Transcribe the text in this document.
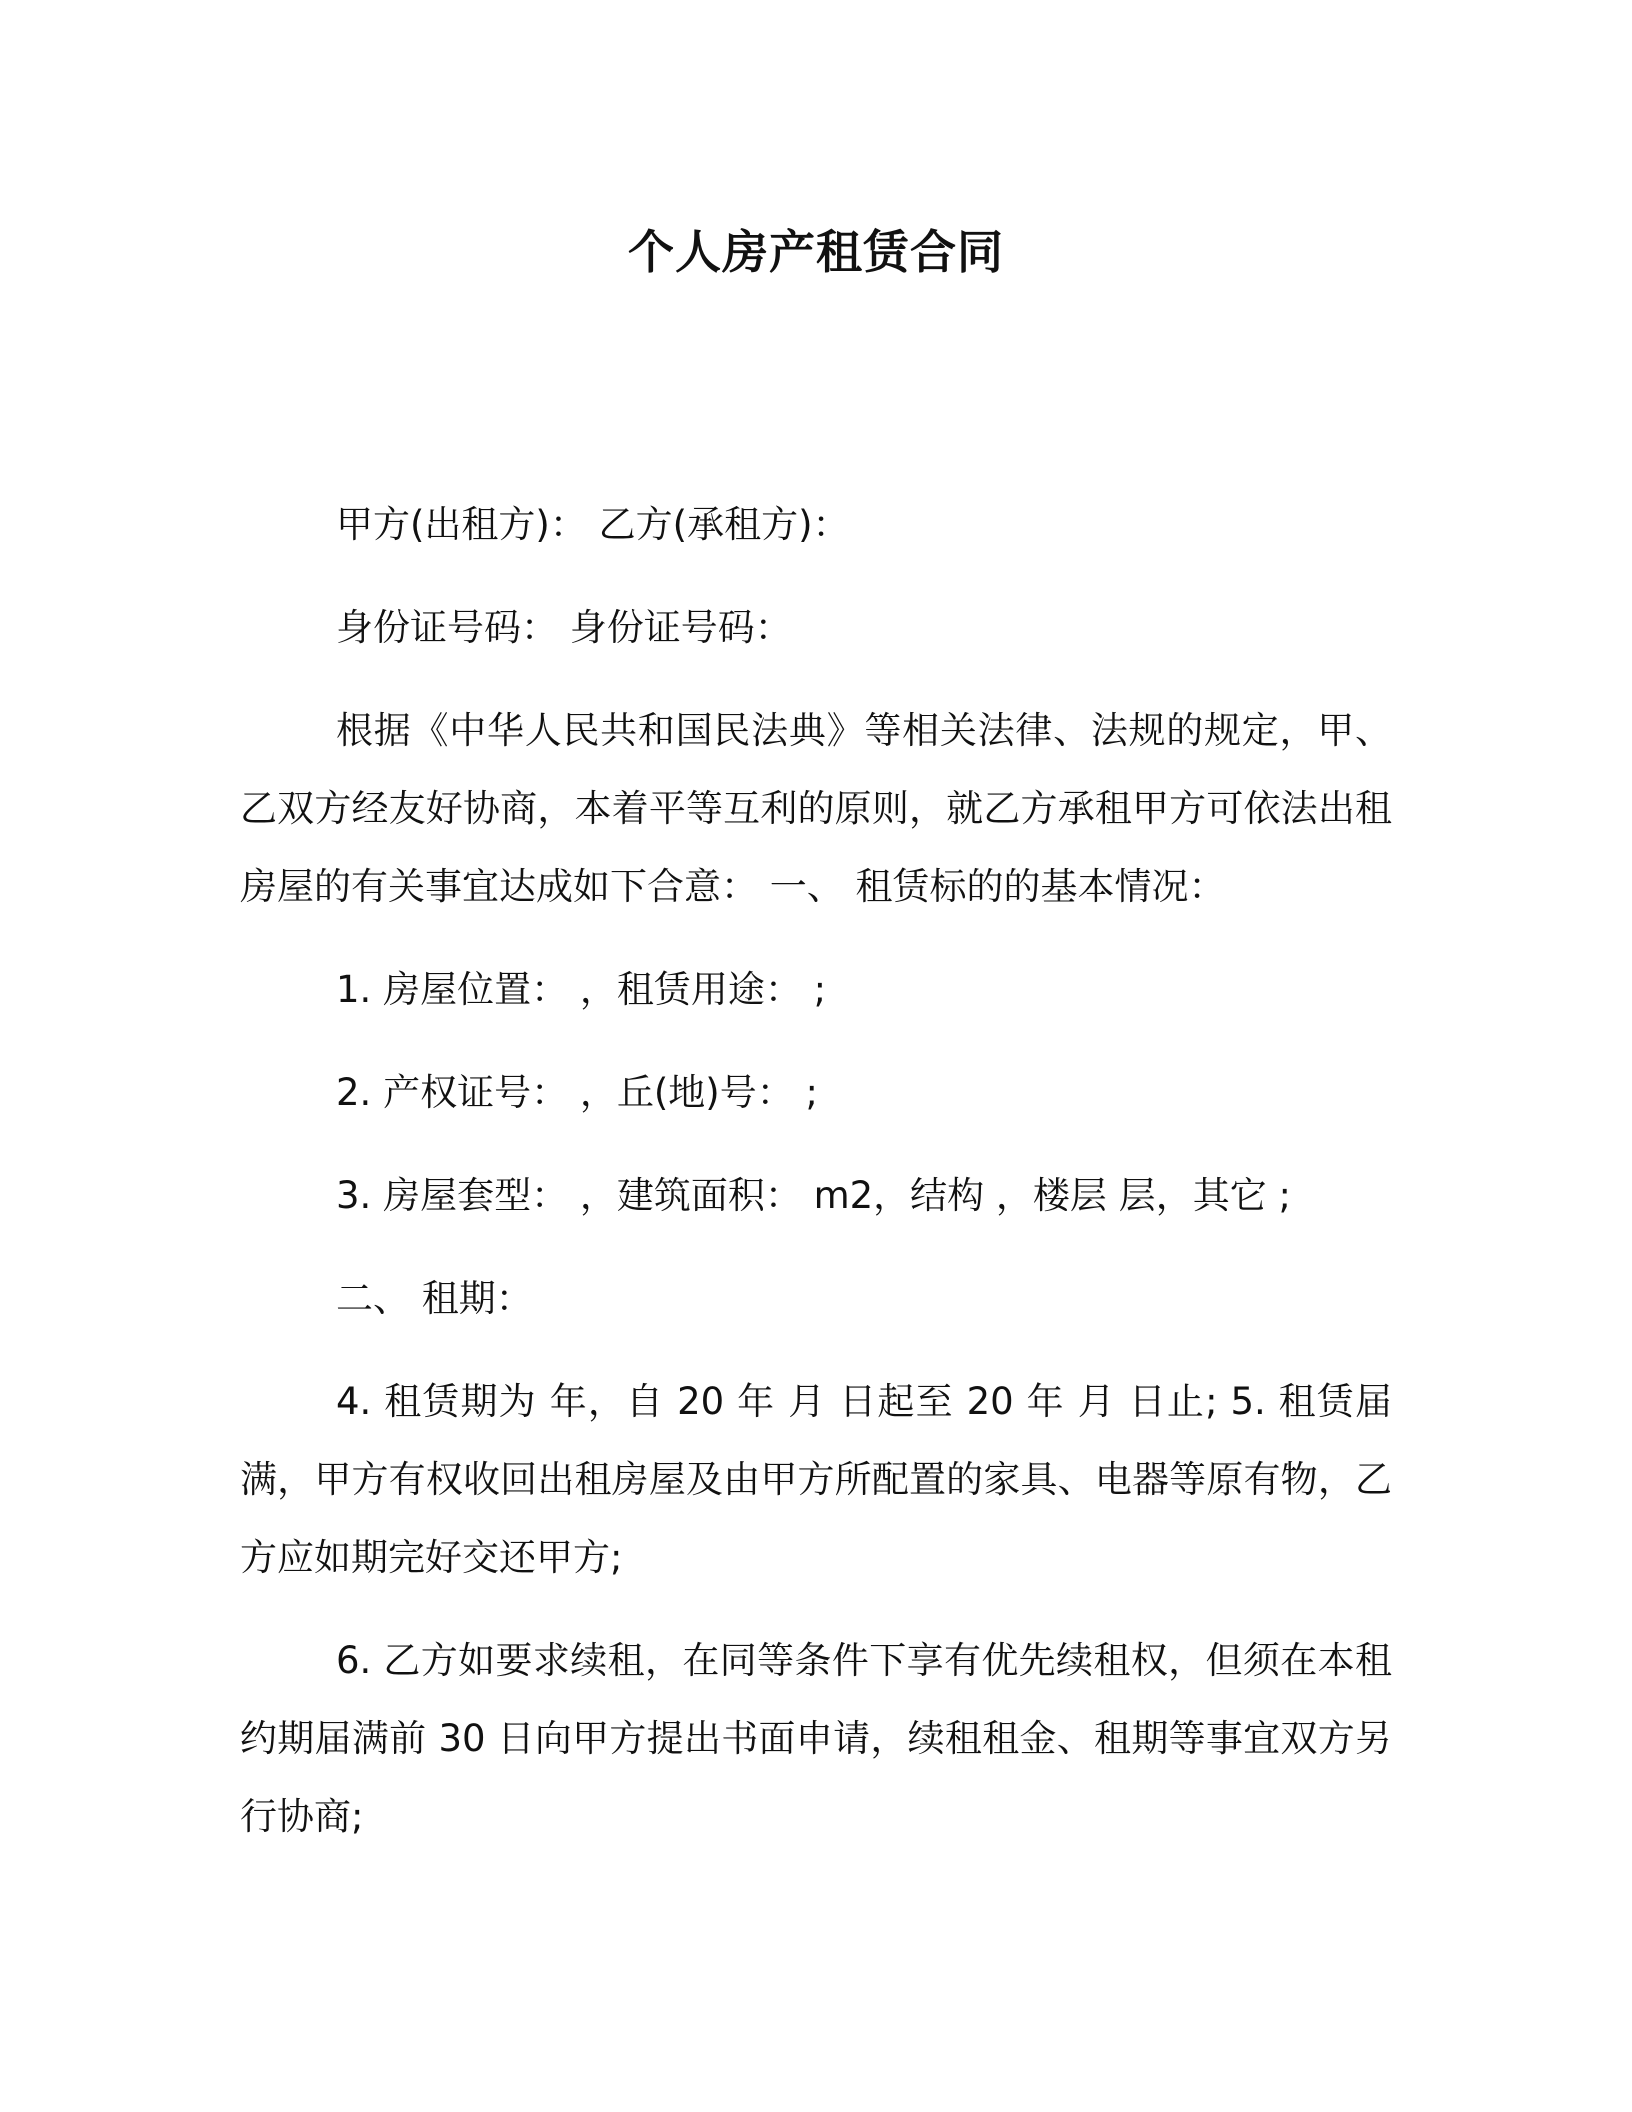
个人房产租赁合同

甲方(出租方)： 乙方(承租方)：

身份证号码： 身份证号码：

根据《中华人民共和国民法典》等相关法律、法规的规定，甲、乙双方经友好协商，本着平等互利的原则，就乙方承租甲方可依法出租房屋的有关事宜达成如下合意： 一、 租赁标的的基本情况：

1. 房屋位置： ，租赁用途： ;

2. 产权证号： ，丘(地)号： ;

3. 房屋套型： ，建筑面积： m2，结构 ，楼层 层，其它 ;

二、 租期：

4. 租赁期为 年，自 20 年 月 日起至 20 年 月 日止; 5. 租赁届满，甲方有权收回出租房屋及由甲方所配置的家具、电器等原有物，乙方应如期完好交还甲方;

6. 乙方如要求续租，在同等条件下享有优先续租权，但须在本租约期届满前 30 日向甲方提出书面申请，续租租金、租期等事宜双方另行协商;
